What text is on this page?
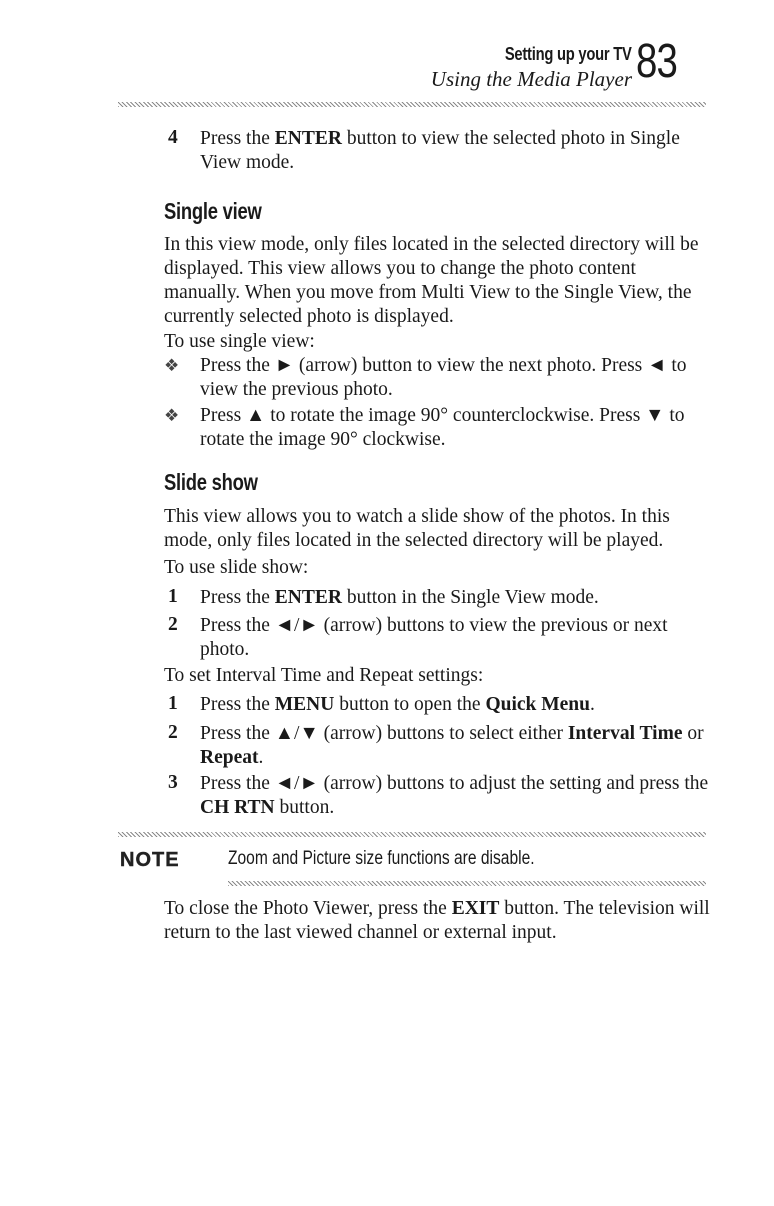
Setting up your TV
Using the Media Player 83
4 Press the ENTER button to view the selected photo in Single View mode.

Single view

In this view mode, only files located in the selected directory will be displayed. This view allows you to change the photo content manually. When you move from Multi View to the Single View, the currently selected photo is displayed.

To use single view:

❖ Press the ► (arrow) button to view the next photo. Press ◄ to view the previous photo.

❖ Press ▲ to rotate the image 90° counterclockwise. Press ▼ to rotate the image 90° clockwise.

Slide show

This view allows you to watch a slide show of the photos. In this mode, only files located in the selected directory will be played.

To use slide show:

1 Press the ENTER button in the Single View mode.

2 Press the ◄/► (arrow) buttons to view the previous or next photo.

To set Interval Time and Repeat settings:

1 Press the MENU button to open the Quick Menu.

2 Press the ▲/▼ (arrow) buttons to select either Interval Time or Repeat.

3 Press the ◄/► (arrow) buttons to adjust the setting and press the CH RTN button.

NOTE	Zoom and Picture size functions are disable.

To close the Photo Viewer, press the EXIT button. The television will return to the last viewed channel or external input.
